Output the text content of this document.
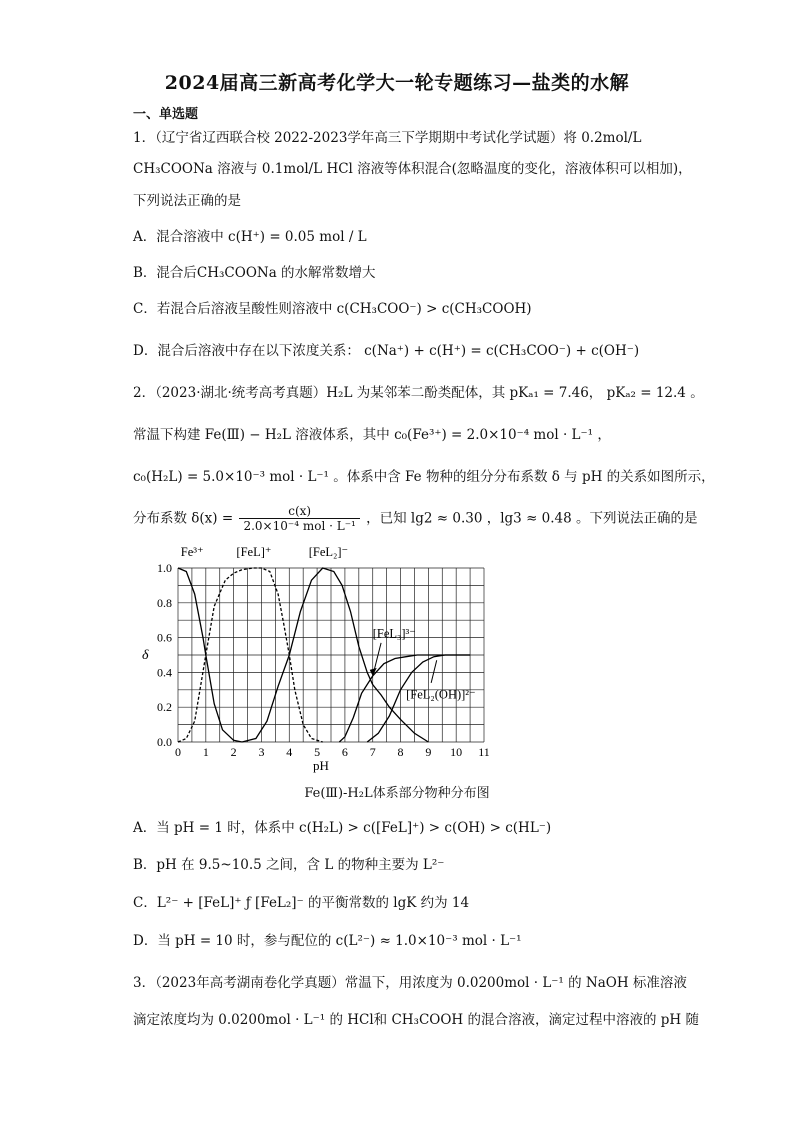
2024届高三新高考化学大一轮专题练习—盐类的水解
一、单选题
1．（辽宁省辽西联合校 2022-2023学年高三下学期期中考试化学试题）将 0.2mol/L
CH₃COONa 溶液与 0.1mol/L HCl 溶液等体积混合(忽略温度的变化，溶液体积可以相加)，
下列说法正确的是
A．混合溶液中 c(H⁺) = 0.05 mol / L
B．混合后CH₃COONa 的水解常数增大
C．若混合后溶液呈酸性则溶液中 c(CH₃COO⁻) > c(CH₃COOH)
D．混合后溶液中存在以下浓度关系： c(Na⁺) + c(H⁺) = c(CH₃COO⁻) + c(OH⁻)
2．（2023·湖北·统考高考真题）H₂L 为某邻苯二酚类配体，其 pKₐ₁ = 7.46， pKₐ₂ = 12.4 。
常温下构建 Fe(Ⅲ) − H₂L 溶液体系，其中 c₀(Fe³⁺) = 2.0×10⁻⁴ mol · L⁻¹ ，
c₀(H₂L) = 5.0×10⁻³ mol · L⁻¹ 。体系中含 Fe 物种的组分分布系数 δ 与 pH 的关系如图所示，
分布系数 $\delta(x) = \frac{c(x)}{\text{2.0×10⁻⁴ mol · L⁻¹}}$ ，已知 lg2 ≈ 0.30 ，lg3 ≈ 0.48 。下列说法正确的是
0 1 2 3 4 5 6 7 8 9 10 11
0.0
0.2
0.4
0.6
0.8
1.0
pH
δ
Fe³⁺	[FeL]⁺	[FeL₂]⁻
[FeL₃]³⁻
[FeL₂(OH)]²⁻
Fe(Ⅲ)-H₂L体系部分物种分布图
A．当 pH = 1 时，体系中 c(H₂L) > c([FeL]⁺) > c(OH) > c(HL⁻)
B．pH 在 9.5~10.5 之间，含 L 的物种主要为 L²⁻
C．L²⁻ + [FeL]⁺ ƒ [FeL₂]⁻ 的平衡常数的 lgK 约为 14
D．当 pH = 10 时，参与配位的 c(L²⁻) ≈ 1.0×10⁻³ mol · L⁻¹
3．（2023年高考湖南卷化学真题）常温下，用浓度为 0.0200mol · L⁻¹ 的 NaOH 标准溶液
滴定浓度均为 0.0200mol · L⁻¹ 的 HCl和 CH₃COOH 的混合溶液，滴定过程中溶液的 pH 随
